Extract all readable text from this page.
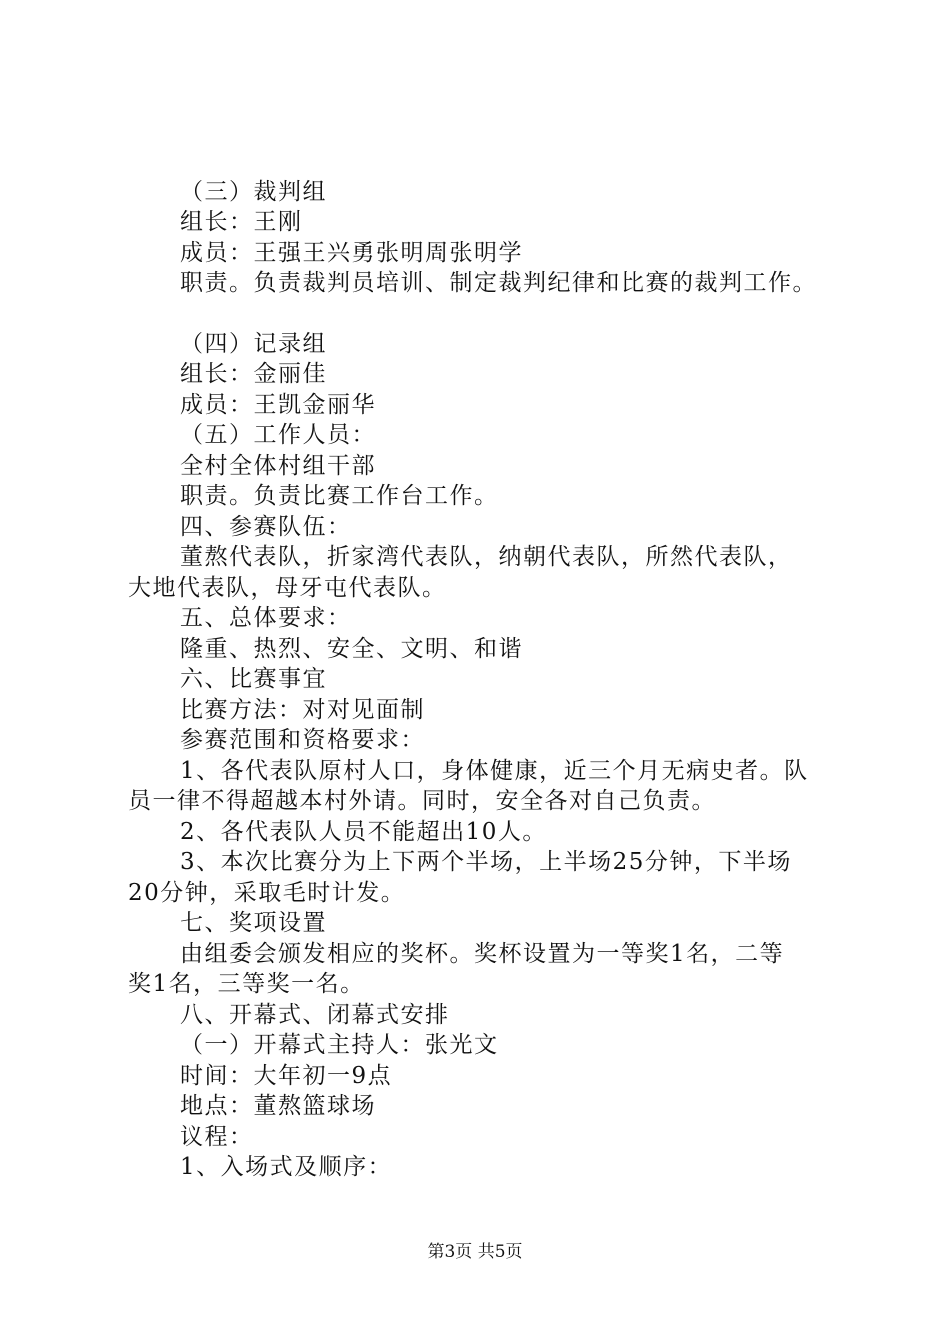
（三）裁判组
组长：王刚
成员：王强王兴勇张明周张明学
职责。负责裁判员培训、制定裁判纪律和比赛的裁判工作。
（四）记录组
组长：金丽佳
成员：王凯金丽华
（五）工作人员：
全村全体村组干部
职责。负责比赛工作台工作。
四、参赛队伍：
董熬代表队，折家湾代表队，纳朝代表队，所然代表队，
大地代表队，母牙屯代表队。
五、总体要求：
隆重、热烈、安全、文明、和谐
六、比赛事宜
比赛方法：对对见面制
参赛范围和资格要求：
1、各代表队原村人口，身体健康，近三个月无病史者。队
员一律不得超越本村外请。同时，安全各对自己负责。
2、各代表队人员不能超出10人。
3、本次比赛分为上下两个半场，上半场25分钟，下半场
20分钟，采取毛时计发。
七、奖项设置
由组委会颁发相应的奖杯。奖杯设置为一等奖1名，二等
奖1名，三等奖一名。
八、开幕式、闭幕式安排
（一）开幕式主持人：张光文
时间：大年初一9点
地点：董熬篮球场
议程：
1、入场式及顺序：
第3页 共5页
